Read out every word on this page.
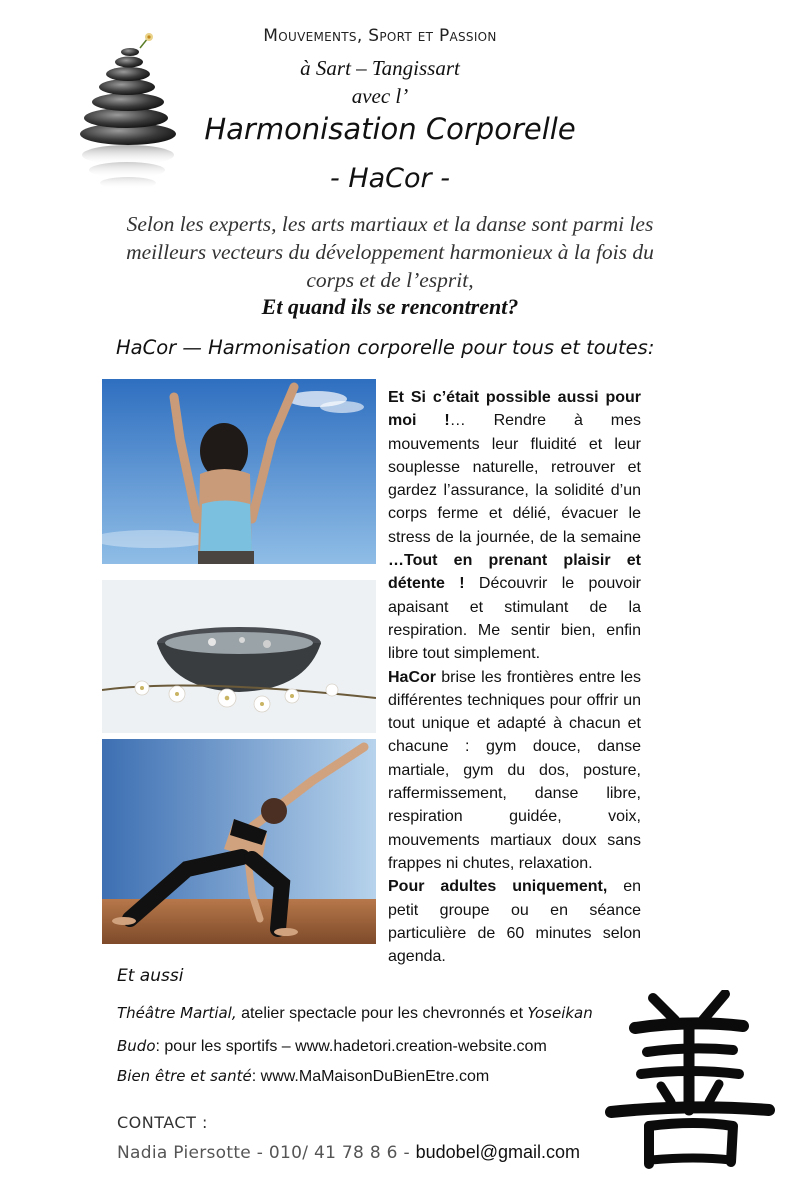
Mouvements, Sport et Passion
à Sart – Tangissart
avec l’
Harmonisation Corporelle
- HaCor -
Selon les experts, les arts martiaux et la danse sont parmi les meilleurs vecteurs du développement harmonieux à la fois du corps et de l’esprit,
Et quand ils se rencontrent?
HaCor — Harmonisation corporelle pour tous et toutes:

Et Si c’était possible aussi pour moi !… Rendre à mes mouvements leur fluidité et leur souplesse naturelle, retrouver et gardez l’assurance, la solidité d’un corps ferme et délié, évacuer le stress de la journée, de la semaine …Tout en prenant plaisir et détente ! Découvrir le pouvoir apaisant et stimulant de la respiration. Me sentir bien, enfin libre tout simplement.

HaCor brise les frontières entre les différentes techniques pour offrir un tout unique et adapté à chacun et chacune : gym douce, danse martiale, gym du dos, posture, raffermissement, danse libre, respiration guidée, voix, mouvements martiaux doux sans frappes ni chutes, relaxation.

Pour adultes uniquement, en petit groupe ou en séance particulière de 60 minutes selon agenda.

Et aussi
Théâtre Martial, atelier spectacle pour les chevronnés et Yoseikan
Budo: pour les sportifs – www.hadetori.creation-website.com
Bien être et santé: www.MaMaisonDuBienEtre.com
CONTACT :
Nadia Piersotte - 010/ 41 78 8 6 - budobel@gmail.com
